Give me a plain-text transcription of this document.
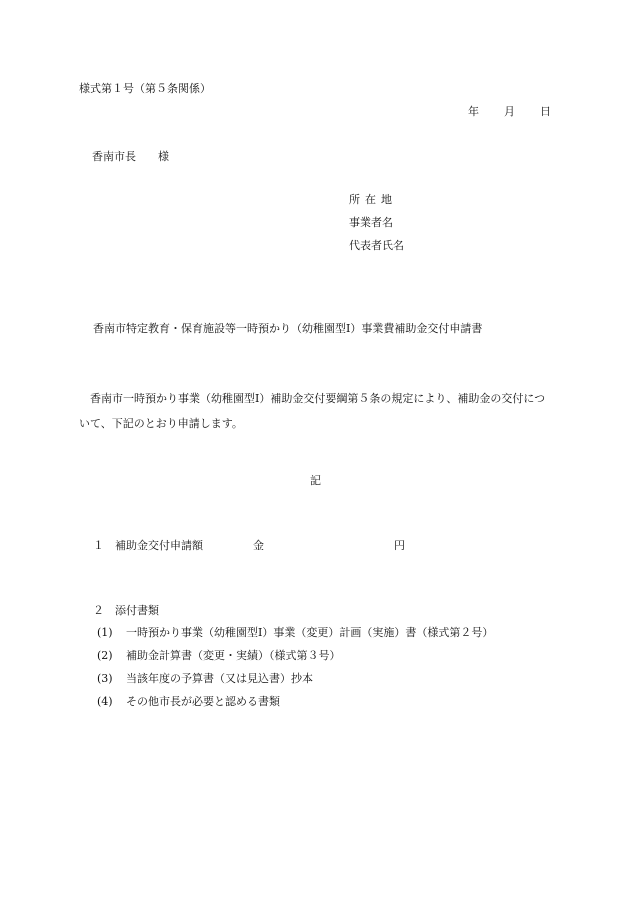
様式第１号（第５条関係）
年 月 日
香南市長 様
所在地
事業者名
代表者氏名
香南市特定教育・保育施設等一時預かり（幼稚園型Ⅰ）事業費補助金交付申請書
香南市一時預かり事業（幼稚園型Ⅰ）補助金交付要綱第５条の規定により、補助金の交付について、下記のとおり申請します。
記
１ 補助金交付申請額	金	円
２ 添付書類
(1) 一時預かり事業（幼稚園型Ⅰ）事業（変更）計画（実施）書（様式第２号）
(2) 補助金計算書（変更・実績）（様式第３号）
(3) 当該年度の予算書（又は見込書）抄本
(4) その他市長が必要と認める書類
